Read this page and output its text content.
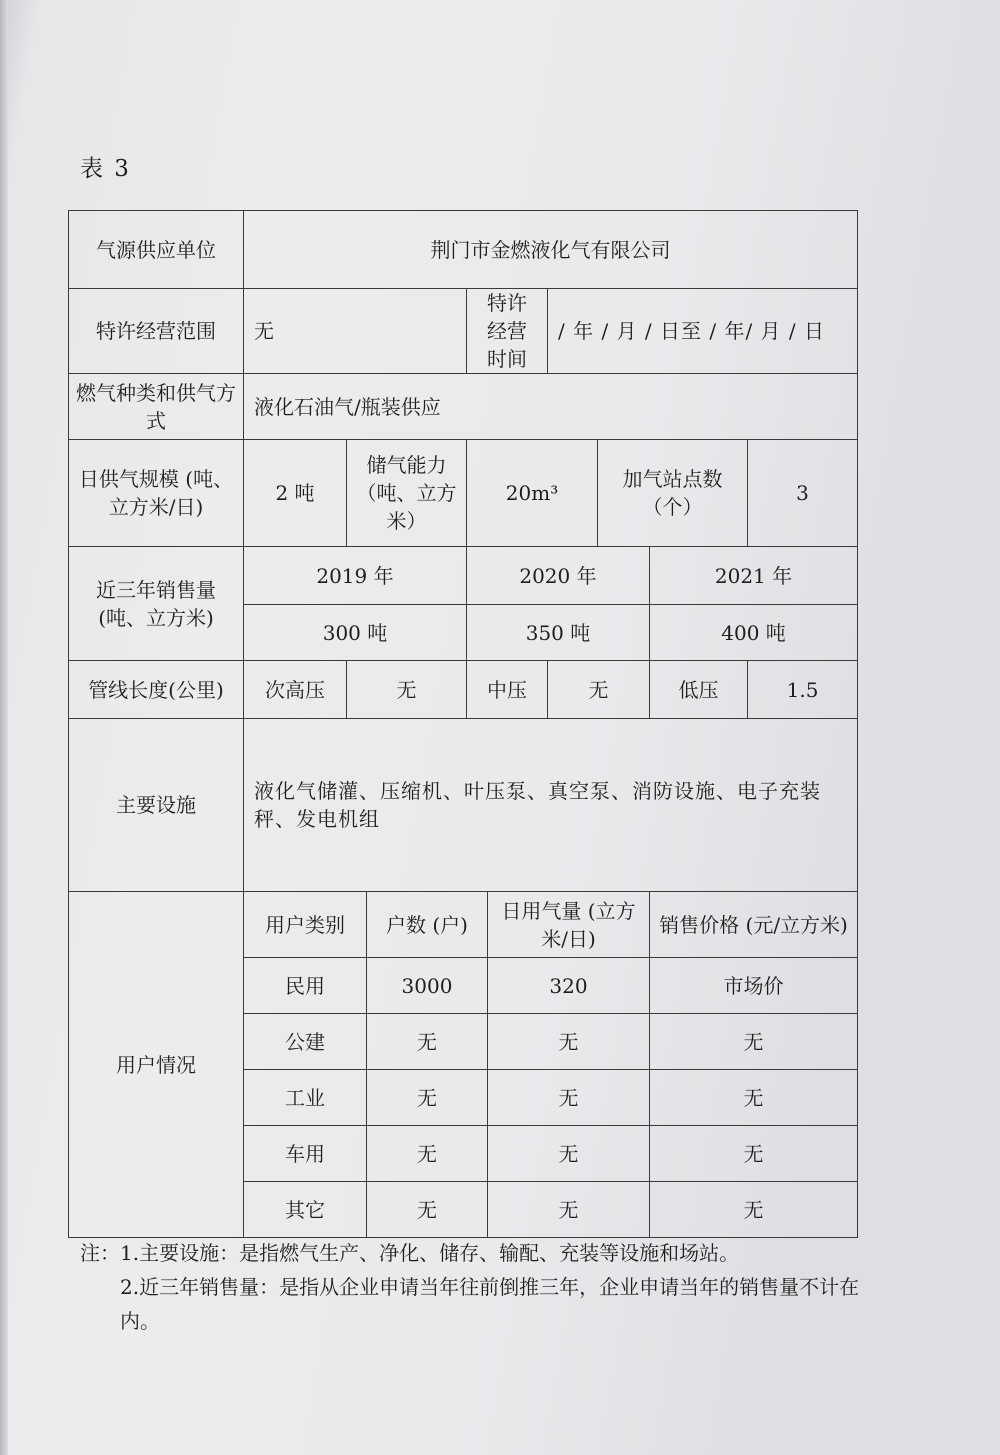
表 3
气源供应单位	荆门市金燃液化气有限公司								
特许经营范围	无			特许经营时间		/ 年 / 月 / 日至 / 年/ 月 / 日			
燃气种类和供气方式	液化石油气/瓶装供应								
日供气规模 (吨、立方米/日)	2 吨	储气能力（吨、立方米）		20m³			加气站点数（个）		3
近三年销售量 (吨、立方米)	2019 年			2020 年				2021 年	
	300 吨			350 吨				400 吨	
管线长度(公里)	次高压	无		中压		无		低压	1.5
主要设施	液化气储灌、压缩机、叶压泵、真空泵、消防设施、电子充装秤、发电机组								
用户情况	用户类别		户数 (户)		日用气量 (立方米/日)			销售价格 (元/立方米)	
	民用		3000		320			市场价	
	公建		无		无			无	
	工业		无		无			无	
	车用		无		无			无	
	其它		无		无			无	

注：1.主要设施：是指燃气生产、净化、储存、输配、充装等设施和场站。

2.近三年销售量：是指从企业申请当年往前倒推三年，企业申请当年的销售量不计在内。
